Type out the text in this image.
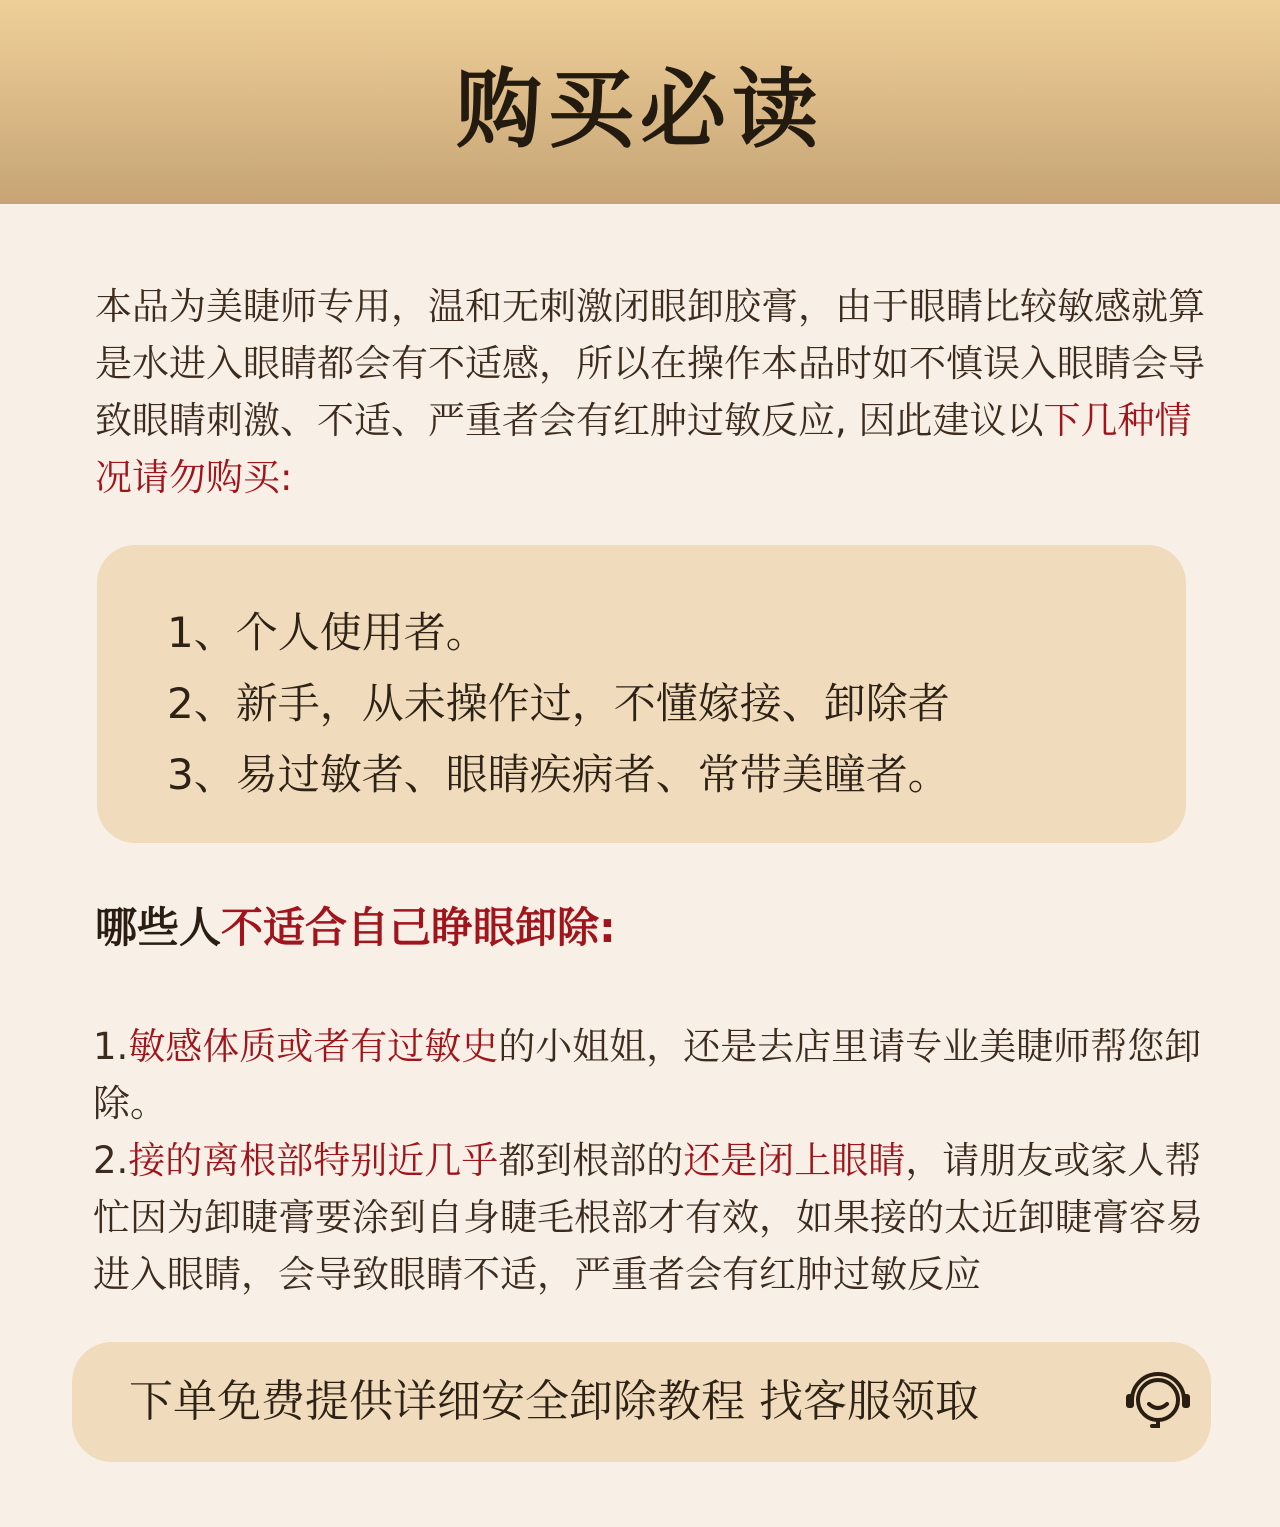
购买必读
本品为美睫师专用，温和无刺激闭眼卸胶膏，由于眼睛比较敏感就算是水进入眼睛都会有不适感，所以在操作本品时如不慎误入眼睛会导致眼睛刺激、不适、严重者会有红肿过敏反应, 因此建议以下几种情况请勿购买:
1、个人使用者。
2、新手，从未操作过，不懂嫁接、卸除者
3、易过敏者、眼睛疾病者、常带美瞳者。
哪些人不适合自己睁眼卸除:

1.敏感体质或者有过敏史的小姐姐，还是去店里请专业美睫师帮您卸除。

2.接的离根部特别近几乎都到根部的还是闭上眼睛，请朋友或家人帮忙因为卸睫膏要涂到自身睫毛根部才有效，如果接的太近卸睫膏容易进入眼睛，会导致眼睛不适，严重者会有红肿过敏反应

下单免费提供详细安全卸除教程 找客服领取
